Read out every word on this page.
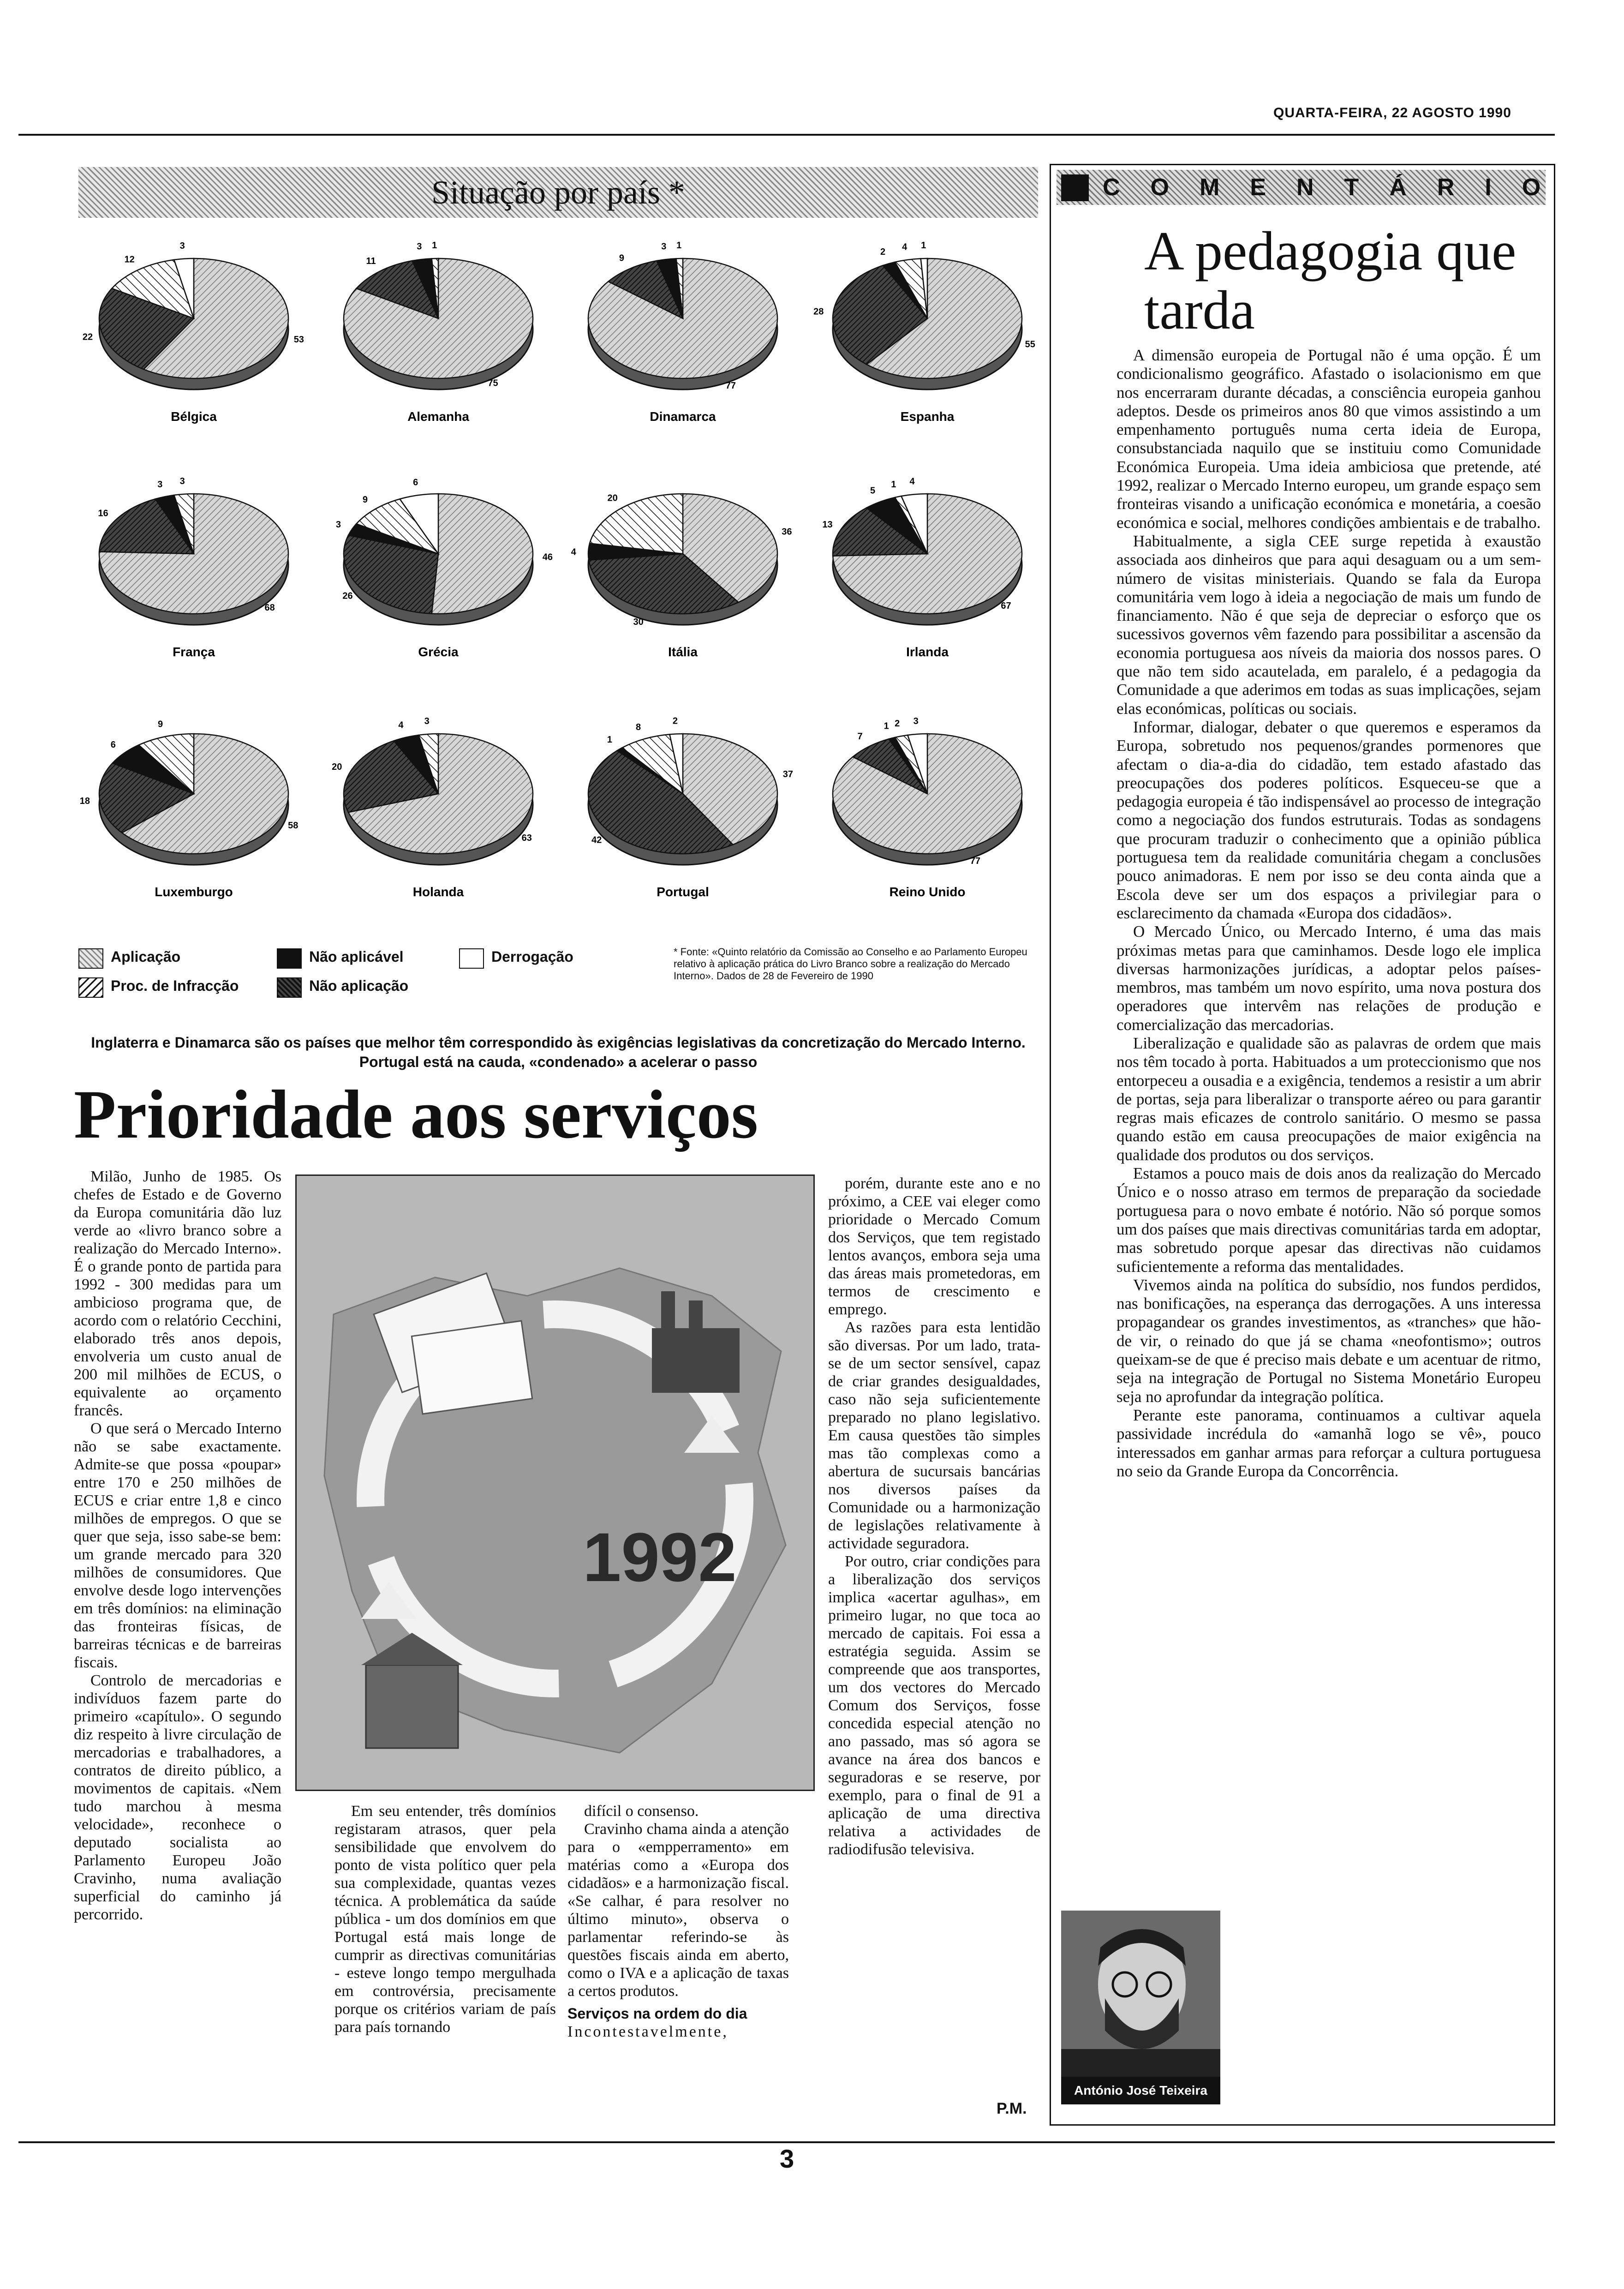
QUARTA-FEIRA, 22 AGOSTO 1990
Situação por país *
53
22
12
3
Bélgica
75
11
3 1
Alemanha
77
9
3 1
Dinamarca
55
28
2 4 1
Espanha
68
16
3 3
França
46
26
3
9
6
Grécia
36
30
4
20
Itália
67
13
5
1 4
Irlanda
58
18
6
9
Luxemburgo
63
20
4 3
Holanda
37
42
1
8
2
Portugal
77
7
1 2 3
Reino Unido
Aplicação
Proc. de Infracção
Não aplicável
Não aplicação
Derrogação	* Fonte: «Quinto relatório da Comissão ao Conselho e ao Parlamento Europeu relativo à aplicação prática do Livro Branco sobre a realização do Mercado Interno». Dados de 28 de Fevereiro de 1990
Inglaterra e Dinamarca são os países que melhor têm correspondido às exigências legislativas da concretização do Mercado Interno. Portugal está na cauda, «condenado» a acelerar o passo
Prioridade aos serviços

Milão, Junho de 1985. Os chefes de Estado e de Governo da Europa comunitária dão luz verde ao «livro branco sobre a realização do Mercado Interno». É o grande ponto de partida para 1992 - 300 medidas para um ambicioso programa que, de acordo com o relatório Cecchini, elaborado três anos depois, envolveria um custo anual de 200 mil milhões de ECUS, o equivalente ao orçamento francês.

O que será o Mercado Interno não se sabe exactamente. Admite-se que possa «poupar» entre 170 e 250 milhões de ECUS e criar entre 1,8 e cinco milhões de empregos. O que se quer que seja, isso sabe-se bem: um grande mercado para 320 milhões de consumidores. Que envolve desde logo intervenções em três domínios: na eliminação das fronteiras físicas, de barreiras técnicas e de barreiras fiscais.

Controlo de mercadorias e indivíduos fazem parte do primeiro «capítulo». O segundo diz respeito à livre circulação de mercadorias e trabalhadores, a contratos de direito público, a movimentos de capitais. «Nem tudo marchou à mesma velocidade», reconhece o deputado socialista ao Parlamento Europeu João Cravinho, numa avaliação superficial do caminho já percorrido.

1992

Em seu entender, três domínios registaram atrasos, quer pela sensibilidade que envolvem do ponto de vista político quer pela sua complexidade, quantas vezes técnica. A problemática da saúde pública - um dos domínios em que Portugal está mais longe de cumprir as directivas comunitárias - esteve longo tempo mergulhada em controvérsia, precisamente porque os critérios variam de país para país tornando

difícil o consenso.

Cravinho chama ainda a atenção para o «empperramento» em matérias como a «Europa dos cidadãos» e a harmonização fiscal. «Se calhar, é para resolver no último minuto», observa o parlamentar referindo-se às questões fiscais ainda em aberto, como o IVA e a aplicação de taxas a certos produtos.

Serviços na ordem do dia

Incontestavelmente,

porém, durante este ano e no próximo, a CEE vai eleger como prioridade o Mercado Comum dos Serviços, que tem registado lentos avanços, embora seja uma das áreas mais prometedoras, em termos de crescimento e emprego.

As razões para esta lentidão são diversas. Por um lado, trata-se de um sector sensível, capaz de criar grandes desigualdades, caso não seja suficientemente preparado no plano legislativo. Em causa questões tão simples mas tão complexas como a abertura de sucursais bancárias nos diversos países da Comunidade ou a harmonização de legislações relativamente à actividade seguradora.

Por outro, criar condições para a liberalização dos serviços implica «acertar agulhas», em primeiro lugar, no que toca ao mercado de capitais. Foi essa a estratégia seguida. Assim se compreende que aos transportes, um dos vectores do Mercado Comum dos Serviços, fosse concedida especial atenção no ano passado, mas só agora se avance na área dos bancos e seguradoras e se reserve, por exemplo, para o final de 91 a aplicação de uma directiva relativa a actividades de radiodifusão televisiva.

P.M.
COMENTÁRIO
A pedagogia que tarda

A dimensão europeia de Portugal não é uma opção. É um condicionalismo geográfico. Afastado o isolacionismo em que nos encerraram durante décadas, a consciência europeia ganhou adeptos. Desde os primeiros anos 80 que vimos assistindo a um empenhamento português numa certa ideia de Europa, consubstanciada naquilo que se instituiu como Comunidade Económica Europeia. Uma ideia ambiciosa que pretende, até 1992, realizar o Mercado Interno europeu, um grande espaço sem fronteiras visando a unificação económica e monetária, a coesão económica e social, melhores condições ambientais e de trabalho.

Habitualmente, a sigla CEE surge repetida à exaustão associada aos dinheiros que para aqui desaguam ou a um sem-número de visitas ministeriais. Quando se fala da Europa comunitária vem logo à ideia a negociação de mais um fundo de financiamento. Não é que seja de depreciar o esforço que os sucessivos governos vêm fazendo para possibilitar a ascensão da economia portuguesa aos níveis da maioria dos nossos pares. O que não tem sido acautelada, em paralelo, é a pedagogia da Comunidade a que aderimos em todas as suas implicações, sejam elas económicas, políticas ou sociais.

Informar, dialogar, debater o que queremos e esperamos da Europa, sobretudo nos pequenos/grandes pormenores que afectam o dia-a-dia do cidadão, tem estado afastado das preocupações dos poderes políticos. Esqueceu-se que a pedagogia europeia é tão indispensável ao processo de integração como a negociação dos fundos estruturais. Todas as sondagens que procuram traduzir o conhecimento que a opinião pública portuguesa tem da realidade comunitária chegam a conclusões pouco animadoras. E nem por isso se deu conta ainda que a Escola deve ser um dos espaços a privilegiar para o esclarecimento da chamada «Europa dos cidadãos».

O Mercado Único, ou Mercado Interno, é uma das mais próximas metas para que caminhamos. Desde logo ele implica diversas harmonizações jurídicas, a adoptar pelos países-membros, mas também um novo espírito, uma nova postura dos operadores que intervêm nas relações de produção e comercialização das mercadorias.

Liberalização e qualidade são as palavras de ordem que mais nos têm tocado à porta. Habituados a um proteccionismo que nos entorpeceu a ousadia e a exigência, tendemos a resistir a um abrir de portas, seja para liberalizar o transporte aéreo ou para garantir regras mais eficazes de controlo sanitário. O mesmo se passa quando estão em causa preocupações de maior exigência na qualidade dos produtos ou dos serviços.

Estamos a pouco mais de dois anos da realização do Mercado Único e o nosso atraso em termos de preparação da sociedade portuguesa para o novo embate é notório. Não só porque somos um dos países que mais directivas comunitárias tarda em adoptar, mas sobretudo porque apesar das directivas não cuidamos suficientemente a reforma das mentalidades.

Vivemos ainda na política do subsídio, nos fundos perdidos, nas bonificações, na esperança das derrogações. A uns interessa propagandear os grandes investimentos, as «tranches» que hão-de vir, o reinado do que já se chama «neofontismo»; outros queixam-se de que é preciso mais debate e um acentuar de ritmo, seja na integração de Portugal no Sistema Monetário Europeu seja no aprofundar da integração política.

Perante este panorama, continuamos a cultivar aquela passividade incrédula do «amanhã logo se vê», pouco interessados em ganhar armas para reforçar a cultura portuguesa no seio da Grande Europa da Concorrência.

António José Teixeira
3
